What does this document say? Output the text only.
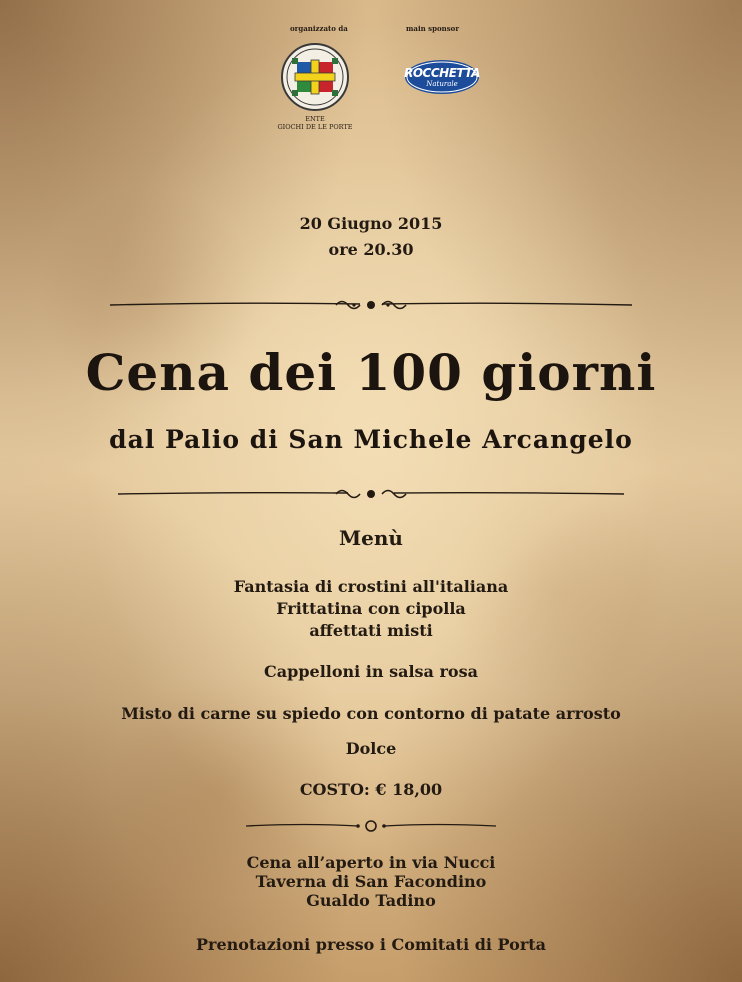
organizzato da	main sponsor
ENTE
GIOCHI DE LE PORTE
ROCCHETTA
Naturale
20 Giugno 2015
ore 20.30
Cena dei 100 giorni
dal Palio di San Michele Arcangelo
Menù
Fantasia di crostini all'italiana
Frittatina con cipolla
affettati misti
Cappelloni in salsa rosa
Misto di carne su spiedo con contorno di patate arrosto
Dolce
COSTO: € 18,00
Cena all’aperto in via Nucci
Taverna di San Facondino
Gualdo Tadino
Prenotazioni presso i Comitati di Porta
